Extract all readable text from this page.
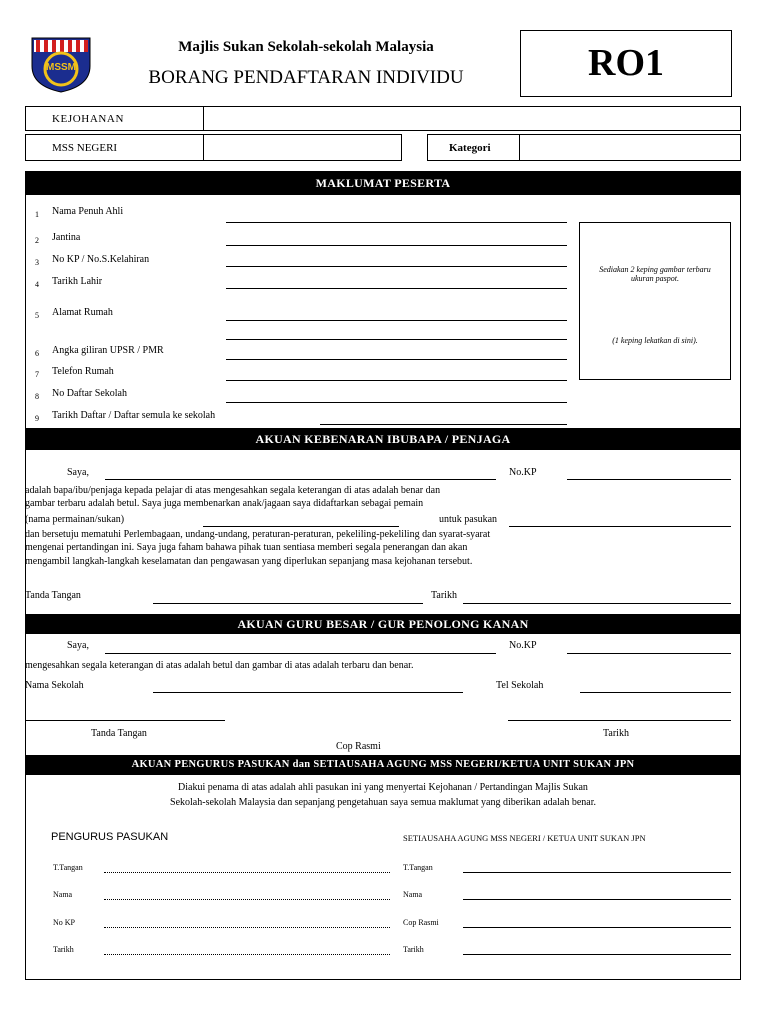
MSSM
Majlis Sukan Sekolah-sekolah Malaysia
BORANG PENDAFTARAN INDIVIDU	RO1
KEJOHANAN
MSS NEGERI	Kategori
MAKLUMAT PESERTA
1 Nama Penuh Ahli
2 Jantina
3 No KP / No.S.Kelahiran
4 Tarikh Lahir
5 Alamat Rumah
6 Angka giliran UPSR / PMR
7 Telefon Rumah
8 No Daftar Sekolah
9 Tarikh Daftar / Daftar semula ke sekolah
Sediakan 2 keping gambar terbaru
ukuran paspot.
(1 keping lekatkan di sini).
AKUAN KEBENARAN IBUBAPA / PENJAGA
Saya,	No.KP
adalah bapa/ibu/penjaga kepada pelajar di atas mengesahkan segala keterangan di atas adalah benar dan
gambar terbaru adalah betul. Saya juga membenarkan anak/jagaan saya didaftarkan sebagai pemain
(nama permainan/sukan)	untuk pasukan
dan bersetuju mematuhi Perlembagaan, undang-undang, peraturan-peraturan, pekeliling-pekeliling dan syarat-syarat
mengenai pertandingan ini. Saya juga faham bahawa pihak tuan sentiasa memberi segala penerangan dan akan
mengambil langkah-langkah keselamatan dan pengawasan yang diperlukan sepanjang masa kejohanan tersebut.
Tanda Tangan	Tarikh
AKUAN GURU BESAR / GUR PENOLONG KANAN
Saya,	No.KP
mengesahkan segala keterangan di atas adalah betul dan gambar di atas adalah terbaru dan benar.
Nama Sekolah	Tel Sekolah
Tanda Tangan	Tarikh
Cop Rasmi
AKUAN PENGURUS PASUKAN dan SETIAUSAHA AGUNG MSS NEGERI/KETUA UNIT SUKAN JPN
Diakui penama di atas adalah ahli pasukan ini yang menyertai Kejohanan / Pertandingan Majlis Sukan
Sekolah-sekolah Malaysia dan sepanjang pengetahuan saya semua maklumat yang diberikan adalah benar.
PENGURUS PASUKAN	SETIAUSAHA AGUNG MSS NEGERI / KETUA UNIT SUKAN JPN
T.Tangan
Nama
No KP
Tarikh
T.Tangan
Nama
Cop Rasmi
Tarikh
